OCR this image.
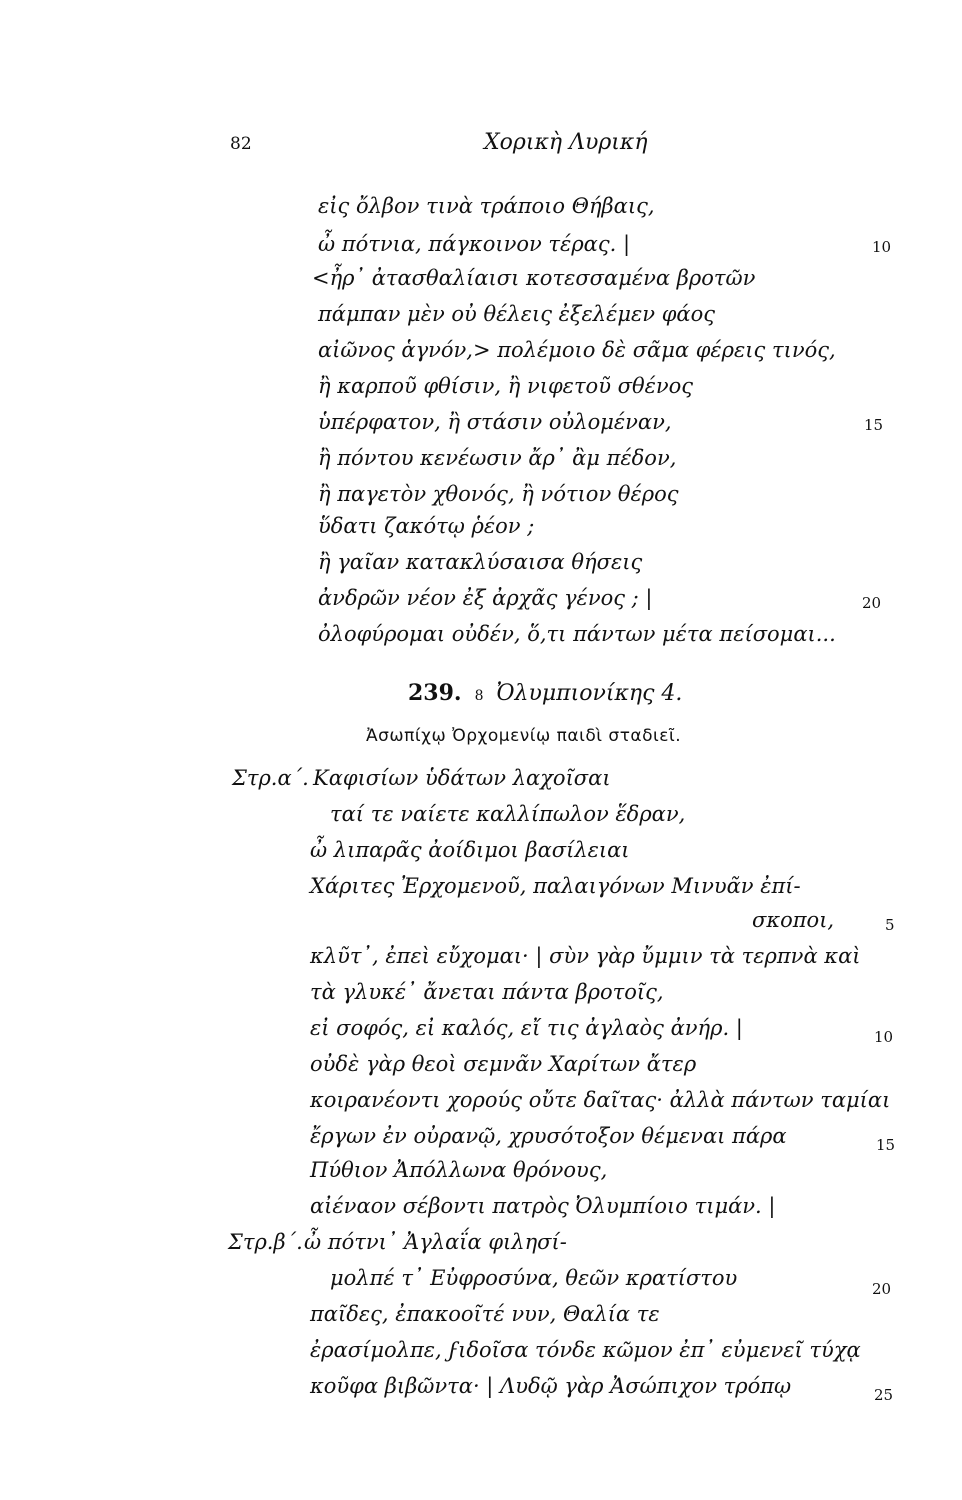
82	Χορικὴ Λυρική
εἰς ὄλβον τινὰ τράποιο Θήβαις,
ὦ πότνια, πάγκοινον τέρας. |	10
<ἦρ᾽ ἀτασθαλίαισι κοτεσσαμένα βροτῶν
πάμπαν μὲν οὐ θέλεις ἐξελέμεν φάος
αἰῶνος ἁγνόν,> πολέμοιο δὲ σᾶμα φέρεις τινός,
ἢ καρποῦ φθίσιν, ἢ νιφετοῦ σθένος
ὑπέρφατον, ἢ στάσιν οὐλομέναν,	15
ἢ πόντου κενέωσιν ἄρ᾽ ἂμ πέδον,
ἢ παγετὸν χθονός, ἢ νότιον θέρος
ὕδατι ζακότῳ ῥέον ;
ἢ γαῖαν κατακλύσαισα θήσεις
ἀνδρῶν νέον ἐξ ἀρχᾶς γένος ; |	20
ὀλοφύρομαι οὐδέν, ὅ,τι πάντων μέτα πείσομαι...
239. 8 Ὀλυμπιονίκης 4.
Ἀσωπίχῳ Ὀρχομενίῳ παιδὶ σταδιεῖ.
Στρ.α΄. Καφισίων ὑδάτων λαχοῖσαι
ταί τε ναίετε καλλίπωλον ἕδραν,
ὦ λιπαρᾶς ἀοίδιμοι βασίλειαι
Χάριτες Ἐρχομενοῦ, παλαιγόνων Μινυᾶν ἐπί-
σκοποι,	5
κλῦτ᾽, ἐπεὶ εὔχομαι· | σὺν γὰρ ὔμμιν τὰ τερπνὰ καὶ
τὰ γλυκέ᾽ ἄνεται πάντα βροτοῖς,
εἰ σοφός, εἰ καλός, εἴ τις ἀγλαὸς ἀνήρ. |	10
οὐδὲ γὰρ θεοὶ σεμνᾶν Χαρίτων ἄτερ
κοιρανέοντι χορούς οὔτε δαῖτας· ἀλλὰ πάντων ταμίαι
ἔργων ἐν οὐρανῷ, χρυσότοξον θέμεναι πάρα	15
Πύθιον Ἀπόλλωνα θρόνους,
αἰέναον σέβοντι πατρὸς Ὀλυμπίοιο τιμάν. |
Στρ.β΄. ὦ πότνι᾽ Ἀγλαΐα φιλησί-
μολπέ τ᾽ Εὐφροσύνα, θεῶν κρατίστου	20
παῖδες, ἐπακοοῖτέ νυν, Θαλία τε
ἐρασίμολπε, ϝιδοῖσα τόνδε κῶμον ἐπ᾽ εὐμενεῖ τύχᾳ
κοῦφα βιβῶντα· | Λυδῷ γὰρ Ἀσώπιχον τρόπῳ	25
